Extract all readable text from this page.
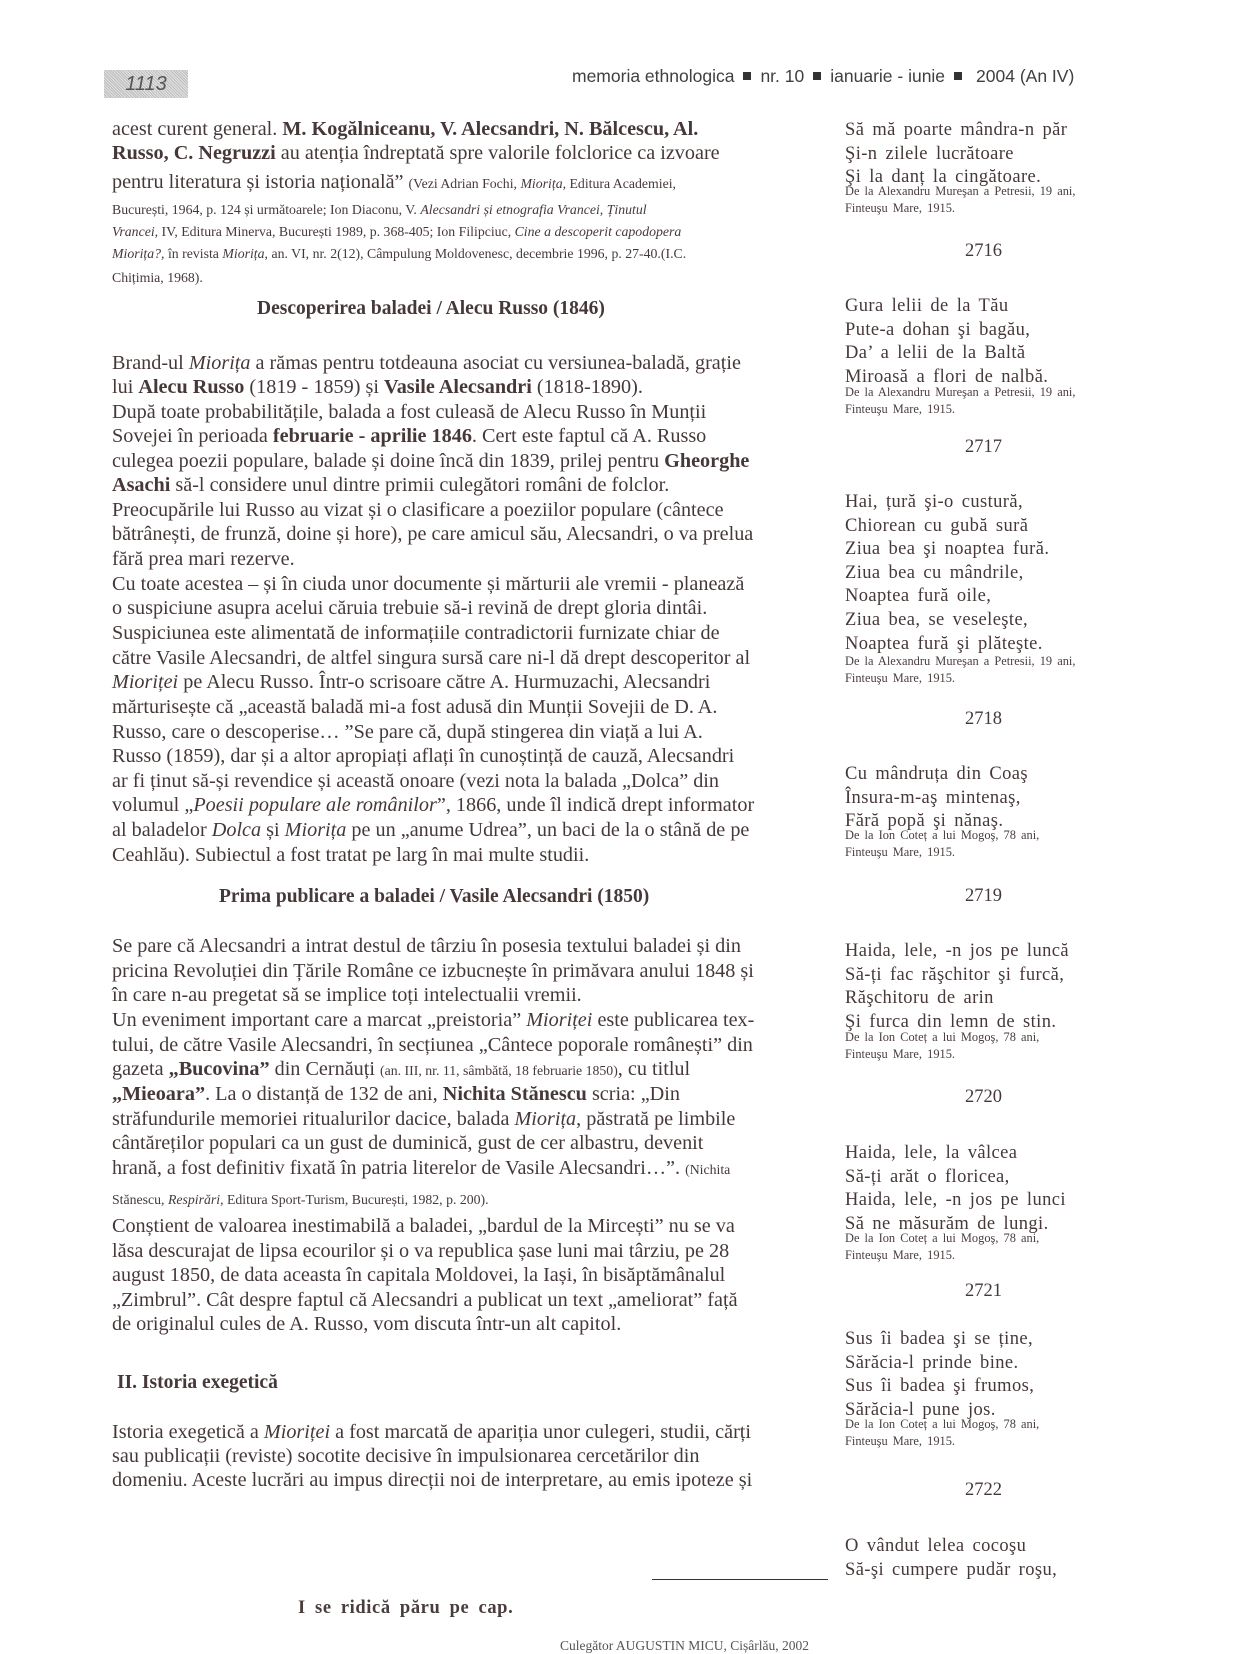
1113	memoria ethnologica nr. 10 ianuarie - iunie 2004 (An IV)
acest curent general. M. Kogălniceanu, V. Alecsandri, N. Bălcescu, Al.
Russo, C. Negruzzi au atenția îndreptată spre valorile folclorice ca izvoare
pentru literatura și istoria națională” (Vezi Adrian Fochi, Miorița, Editura Academiei,
București, 1964, p. 124 și următoarele; Ion Diaconu, V. Alecsandri și etnografia Vrancei, Ținutul
Vrancei, IV, Editura Minerva, București 1989, p. 368-405; Ion Filipciuc, Cine a descoperit capodopera
Miorița?, în revista Miorița, an. VI, nr. 2(12), Câmpulung Moldovenesc, decembrie 1996, p. 27-40.(I.C.
Chițimia, 1968).
Descoperirea baladei / Alecu Russo (1846)
Brand-ul Miorița a rămas pentru totdeauna asociat cu versiunea-baladă, grație
lui Alecu Russo (1819 - 1859) și Vasile Alecsandri (1818-1890).
După toate probabilitățile, balada a fost culeasă de Alecu Russo în Munții
Sovejei în perioada februarie - aprilie 1846. Cert este faptul că A. Russo
culegea poezii populare, balade și doine încă din 1839, prilej pentru Gheorghe
Asachi să-l considere unul dintre primii culegători români de folclor.
Preocupările lui Russo au vizat și o clasificare a poeziilor populare (cântece
bătrânești, de frunză, doine și hore), pe care amicul său, Alecsandri, o va prelua
fără prea mari rezerve.
Cu toate acestea – și în ciuda unor documente și mărturii ale vremii - planează
o suspiciune asupra acelui căruia trebuie să-i revină de drept gloria dintâi.
Suspiciunea este alimentată de informațiile contradictorii furnizate chiar de
către Vasile Alecsandri, de altfel singura sursă care ni-l dă drept descoperitor al
Mioriței pe Alecu Russo. Într-o scrisoare către A. Hurmuzachi, Alecsandri
mărturisește că „această baladă mi-a fost adusă din Munții Sovejii de D. A.
Russo, care o descoperise… ”Se pare că, după stingerea din viață a lui A.
Russo (1859), dar și a altor apropiați aflați în cunoștință de cauză, Alecsandri
ar fi ținut să-și revendice și această onoare (vezi nota la balada „Dolca” din
volumul „Poesii populare ale românilor”, 1866, unde îl indică drept informator
al baladelor Dolca și Miorița pe un „anume Udrea”, un baci de la o stână de pe
Ceahlău). Subiectul a fost tratat pe larg în mai multe studii.
Prima publicare a baladei / Vasile Alecsandri (1850)
Se pare că Alecsandri a intrat destul de târziu în posesia textului baladei și din
pricina Revoluției din Țările Române ce izbucnește în primăvara anului 1848 și
în care n-au pregetat să se implice toți intelectualii vremii.
Un eveniment important care a marcat „preistoria” Mioriței este publicarea tex-
tului, de către Vasile Alecsandri, în secțiunea „Cântece poporale românești” din
gazeta „Bucovina” din Cernăuți (an. III, nr. 11, sâmbătă, 18 februarie 1850), cu titlul
„Mieoara”. La o distanță de 132 de ani, Nichita Stănescu scria: „Din
străfundurile memoriei ritualurilor dacice, balada Miorița, păstrată pe limbile
cântăreților populari ca un gust de duminică, gust de cer albastru, devenit
hrană, a fost definitiv fixată în patria literelor de Vasile Alecsandri…”. (Nichita
Stănescu, Respirări, Editura Sport-Turism, București, 1982, p. 200).
Conștient de valoarea inestimabilă a baladei, „bardul de la Mircești” nu se va
lăsa descurajat de lipsa ecourilor și o va republica șase luni mai târziu, pe 28
august 1850, de data aceasta în capitala Moldovei, la Iași, în bisăptămânalul
„Zimbrul”. Cât despre faptul că Alecsandri a publicat un text „ameliorat” față
de originalul cules de A. Russo, vom discuta într-un alt capitol.
II. Istoria exegetică
Istoria exegetică a Mioriței a fost marcată de apariția unor culegeri, studii, cărți
sau publicații (reviste) socotite decisive în impulsionarea cercetărilor din
domeniu. Aceste lucrări au impus direcții noi de interpretare, au emis ipoteze și
I se ridică păru pe cap.
Culegător AUGUSTIN MICU, Cișârlău, 2002
Să mă poarte mândra-n păr
Şi-n zilele lucrătoare
Şi la danț la cingătoare.
De la Alexandru Mureşan a Petresii, 19 ani,
Finteuşu Mare, 1915.
2716
Gura lelii de la Tău
Pute-a dohan şi bagău,
Da’ a lelii de la Baltă
Miroasă a flori de nalbă.
De la Alexandru Mureşan a Petresii, 19 ani,
Finteuşu Mare, 1915.
2717
Hai, țură şi-o custură,
Chiorean cu gubă sură
Ziua bea şi noaptea fură.
Ziua bea cu mândrile,
Noaptea fură oile,
Ziua bea, se veseleşte,
Noaptea fură şi plăteşte.
De la Alexandru Mureşan a Petresii, 19 ani,
Finteuşu Mare, 1915.
2718
Cu mândruța din Coaş
Însura-m-aş mintenaş,
Fără popă şi nănaş.
De la Ion Coteț a lui Mogoş, 78 ani,
Finteuşu Mare, 1915.
2719
Haida, lele, -n jos pe luncă
Să-ți fac răşchitor şi furcă,
Răşchitoru de arin
Şi furca din lemn de stin.
De la Ion Coteț a lui Mogoş, 78 ani,
Finteuşu Mare, 1915.
2720
Haida, lele, la vâlcea
Să-ți arăt o floricea,
Haida, lele, -n jos pe lunci
Să ne măsurăm de lungi.
De la Ion Coteț a lui Mogoş, 78 ani,
Finteuşu Mare, 1915.
2721
Sus îi badea şi se ține,
Sărăcia-l prinde bine.
Sus îi badea şi frumos,
Sărăcia-l pune jos.
De la Ion Coteț a lui Mogoş, 78 ani,
Finteuşu Mare, 1915.
2722
O vândut lelea cocoşu
Să-şi cumpere pudăr roşu,
